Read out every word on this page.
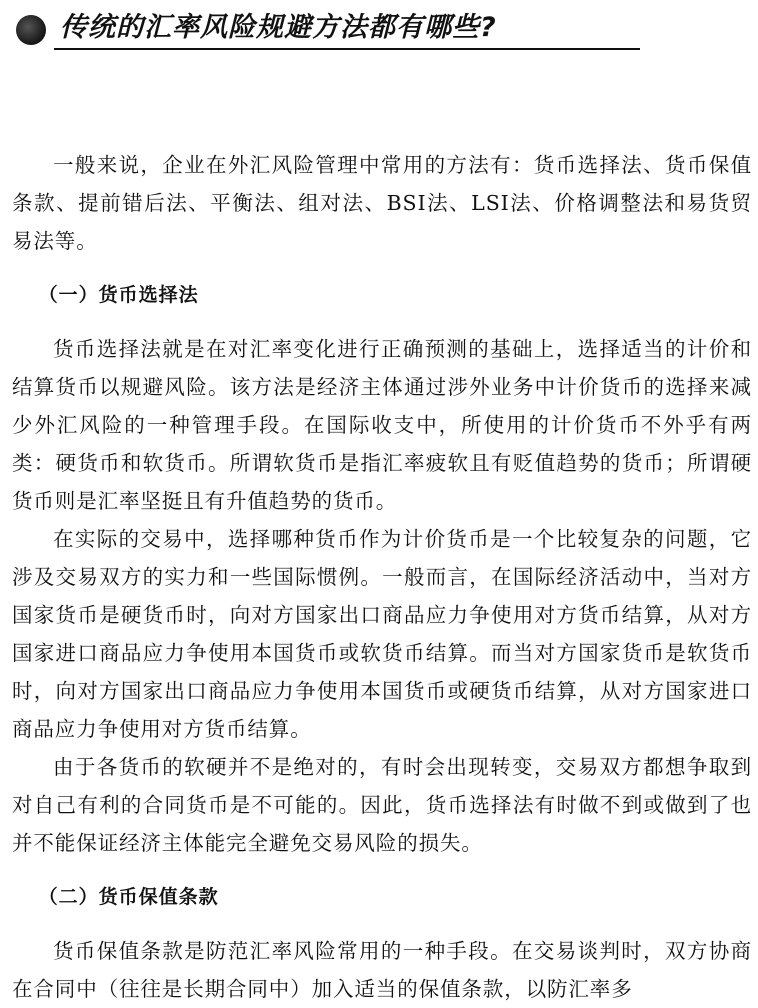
传统的汇率风险规避方法都有哪些?

一般来说，企业在外汇风险管理中常用的方法有：货币选择法、货币保值条款、提前错后法、平衡法、组对法、BSI法、LSI法、价格调整法和易货贸易法等。

（一）货币选择法

货币选择法就是在对汇率变化进行正确预测的基础上，选择适当的计价和结算货币以规避风险。该方法是经济主体通过涉外业务中计价货币的选择来减少外汇风险的一种管理手段。在国际收支中，所使用的计价货币不外乎有两类：硬货币和软货币。所谓软货币是指汇率疲软且有贬值趋势的货币；所谓硬货币则是汇率坚挺且有升值趋势的货币。

在实际的交易中，选择哪种货币作为计价货币是一个比较复杂的问题，它涉及交易双方的实力和一些国际惯例。一般而言，在国际经济活动中，当对方国家货币是硬货币时，向对方国家出口商品应力争使用对方货币结算，从对方国家进口商品应力争使用本国货币或软货币结算。而当对方国家货币是软货币时，向对方国家出口商品应力争使用本国货币或硬货币结算，从对方国家进口商品应力争使用对方货币结算。

由于各货币的软硬并不是绝对的，有时会出现转变，交易双方都想争取到对自己有利的合同货币是不可能的。因此，货币选择法有时做不到或做到了也并不能保证经济主体能完全避免交易风险的损失。

（二）货币保值条款

货币保值条款是防范汇率风险常用的一种手段。在交易谈判时，双方协商在合同中（往往是长期合同中）加入适当的保值条款，以防汇率多
